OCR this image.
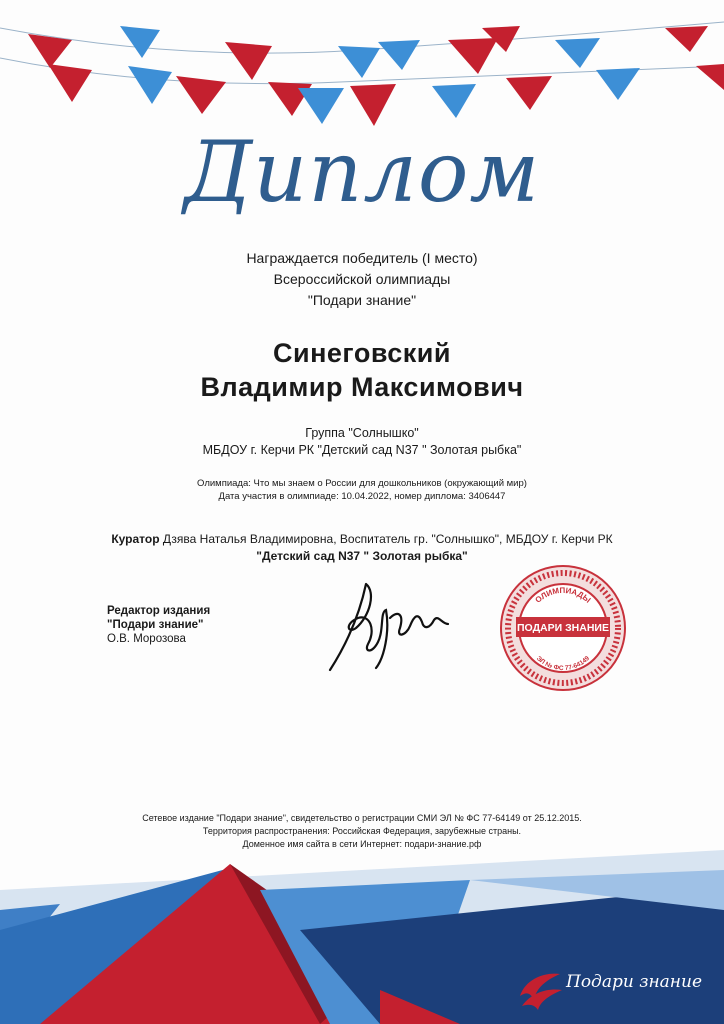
Диплом
Награждается победитель (I место)
Всероссийской олимпиады
"Подари знание"
Синеговский
Владимир Максимович
Группа "Солнышко"
МБДОУ г. Керчи РК "Детский сад N37 " Золотая рыбка"
Олимпиада: Что мы знаем о России для дошкольников (окружающий мир)
Дата участия в олимпиаде: 10.04.2022, номер диплома: 3406447
Куратор Дзява Наталья Владимировна, Воспитатель гр. "Солнышко", МБДОУ г. Керчи РК
"Детский сад N37 " Золотая рыбка"
Редактор издания
"Подари знание"
О.В. Морозова
ПОДАРИ ЗНАНИЕ
ОЛИМПИАДЫ
ЭЛ № ФС 77-64149
Сетевое издание "Подари знание", свидетельство о регистрации СМИ ЭЛ № ФС 77-64149 от 25.12.2015.
Территория распространения: Российская Федерация, зарубежные страны.
Доменное имя сайта в сети Интернет: подари-знание.рф
Подари знание
